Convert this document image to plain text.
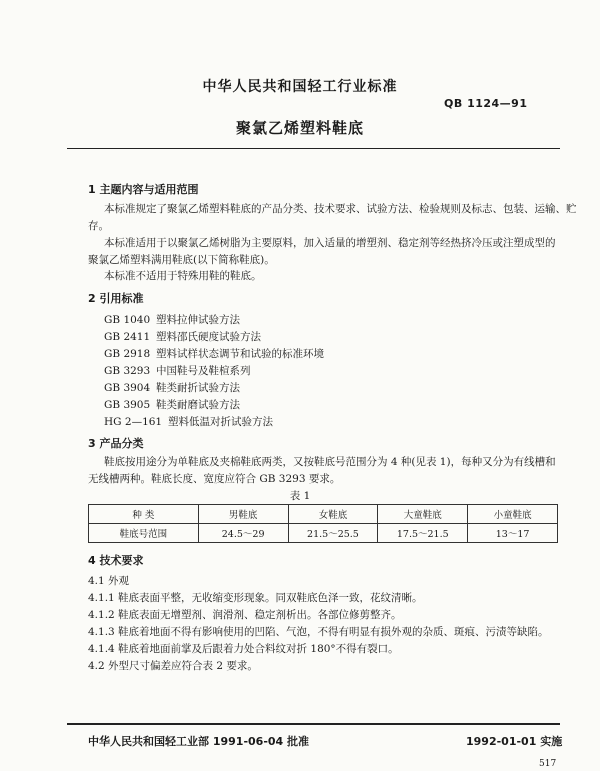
中华人民共和国轻工行业标准
QB 1124—91
聚氯乙烯塑料鞋底
1 主题内容与适用范围
本标准规定了聚氯乙烯塑料鞋底的产品分类、技术要求、试验方法、检验规则及标志、包装、运输、贮
存。
本标准适用于以聚氯乙烯树脂为主要原料，加入适量的增塑剂、稳定剂等经热挤冷压或注塑成型的
聚氯乙烯塑料满用鞋底(以下简称鞋底)。
本标准不适用于特殊用鞋的鞋底。
2 引用标准
GB 1040 塑料拉伸试验方法
GB 2411 塑料邵氏硬度试验方法
GB 2918 塑料试样状态调节和试验的标准环境
GB 3293 中国鞋号及鞋楦系列
GB 3904 鞋类耐折试验方法
GB 3905 鞋类耐磨试验方法
HG 2—161 塑料低温对折试验方法
3 产品分类
鞋底按用途分为单鞋底及夹棉鞋底两类，又按鞋底号范围分为 4 种(见表 1)，每种又分为有线槽和
无线槽两种。鞋底长度、宽度应符合 GB 3293 要求。
表 1
种 类	男鞋底	女鞋底	大童鞋底	小童鞋底
鞋底号范围	24.5～29	21.5～25.5	17.5～21.5	13～17
4 技术要求
4.1 外观
4.1.1 鞋底表面平整，无收缩变形现象。同双鞋底色泽一致，花纹清晰。
4.1.2 鞋底表面无增塑剂、润滑剂、稳定剂析出。各部位修剪整齐。
4.1.3 鞋底着地面不得有影响使用的凹陷、气泡，不得有明显有损外观的杂质、斑痕、污渍等缺陷。
4.1.4 鞋底着地面前掌及后跟着力处合料纹对折 180°不得有裂口。
4.2 外型尺寸偏差应符合表 2 要求。
中华人民共和国轻工业部 1991-06-04 批准	1992-01-01 实施
517
